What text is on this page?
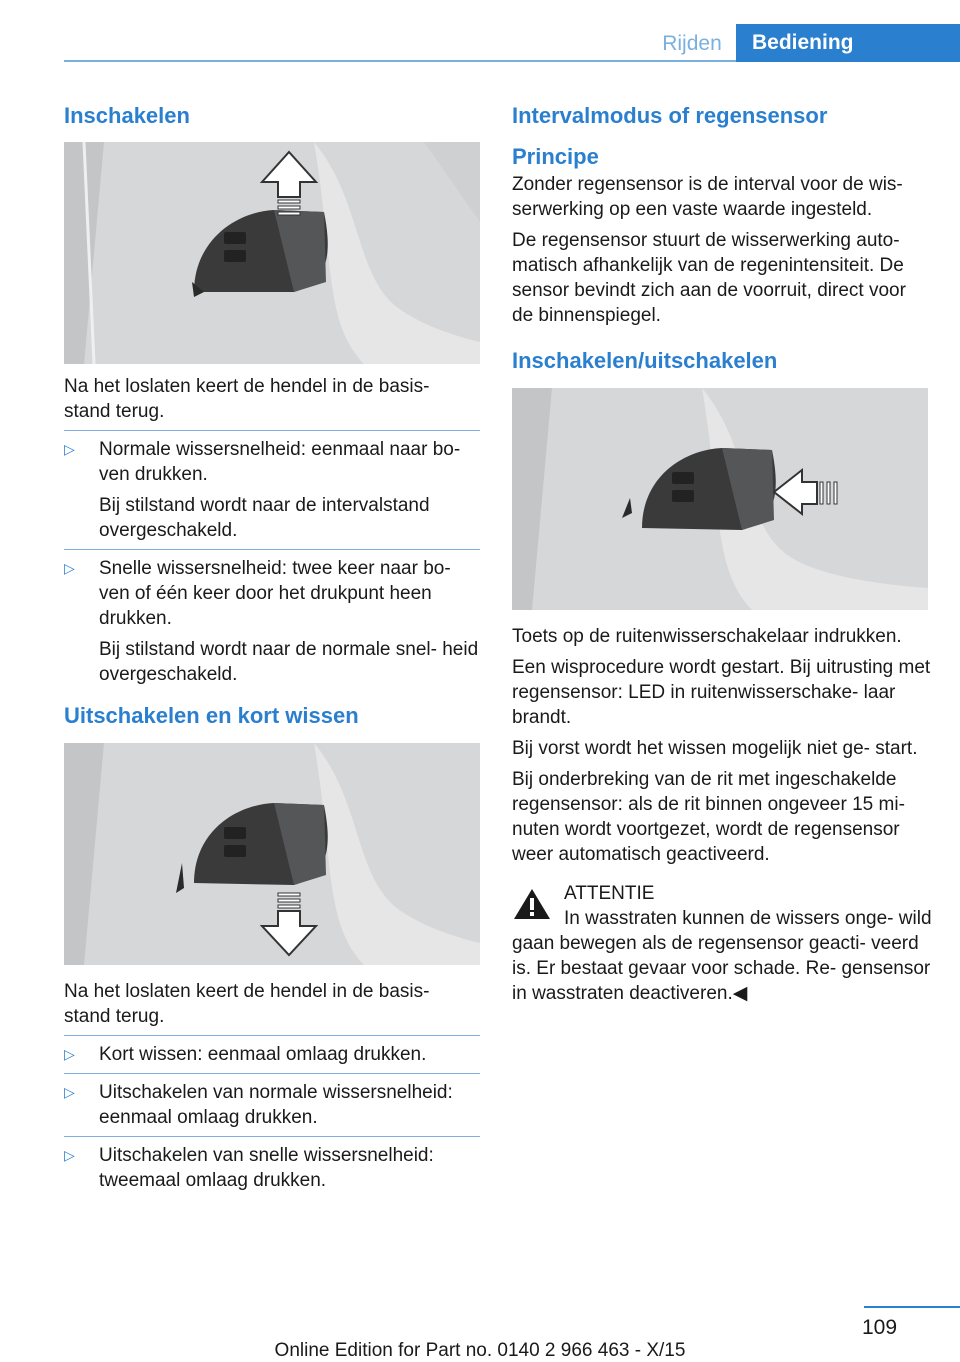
Rijden	Bediening
Inschakelen

Na het loslaten keert de hendel in de basis- stand terug.

▷ Normale wissersnelheid: eenmaal naar bo- ven drukken.
Bij stilstand wordt naar de intervalstand overgeschakeld.
▷ Snelle wissersnelheid: twee keer naar bo- ven of één keer door het drukpunt heen drukken.
Bij stilstand wordt naar de normale snel- heid overgeschakeld.
Uitschakelen en kort wissen

Na het loslaten keert de hendel in de basis- stand terug.

▷ Kort wissen: eenmaal omlaag drukken.
▷ Uitschakelen van normale wissersnelheid: eenmaal omlaag drukken.
▷ Uitschakelen van snelle wissersnelheid: tweemaal omlaag drukken.
Intervalmodus of regensensor
Principe

Zonder regensensor is de interval voor de wis- serwerking op een vaste waarde ingesteld.

De regensensor stuurt de wisserwerking auto- matisch afhankelijk van de regenintensiteit. De sensor bevindt zich aan de voorruit, direct voor de binnenspiegel.

Inschakelen/uitschakelen

Toets op de ruitenwisserschakelaar indrukken.

Een wisprocedure wordt gestart. Bij uitrusting met regensensor: LED in ruitenwisserschake- laar brandt.

Bij vorst wordt het wissen mogelijk niet ge- start.

Bij onderbreking van de rit met ingeschakelde regensensor: als de rit binnen ongeveer 15 mi- nuten wordt voortgezet, wordt de regensensor weer automatisch geactiveerd.

ATTENTIE

In wasstraten kunnen de wissers onge- wild gaan bewegen als de regensensor geacti- veerd is. Er bestaat gevaar voor schade. Re- gensensor in wasstraten deactiveren.◀

109
Online Edition for Part no. 0140 2 966 463 - X/15
